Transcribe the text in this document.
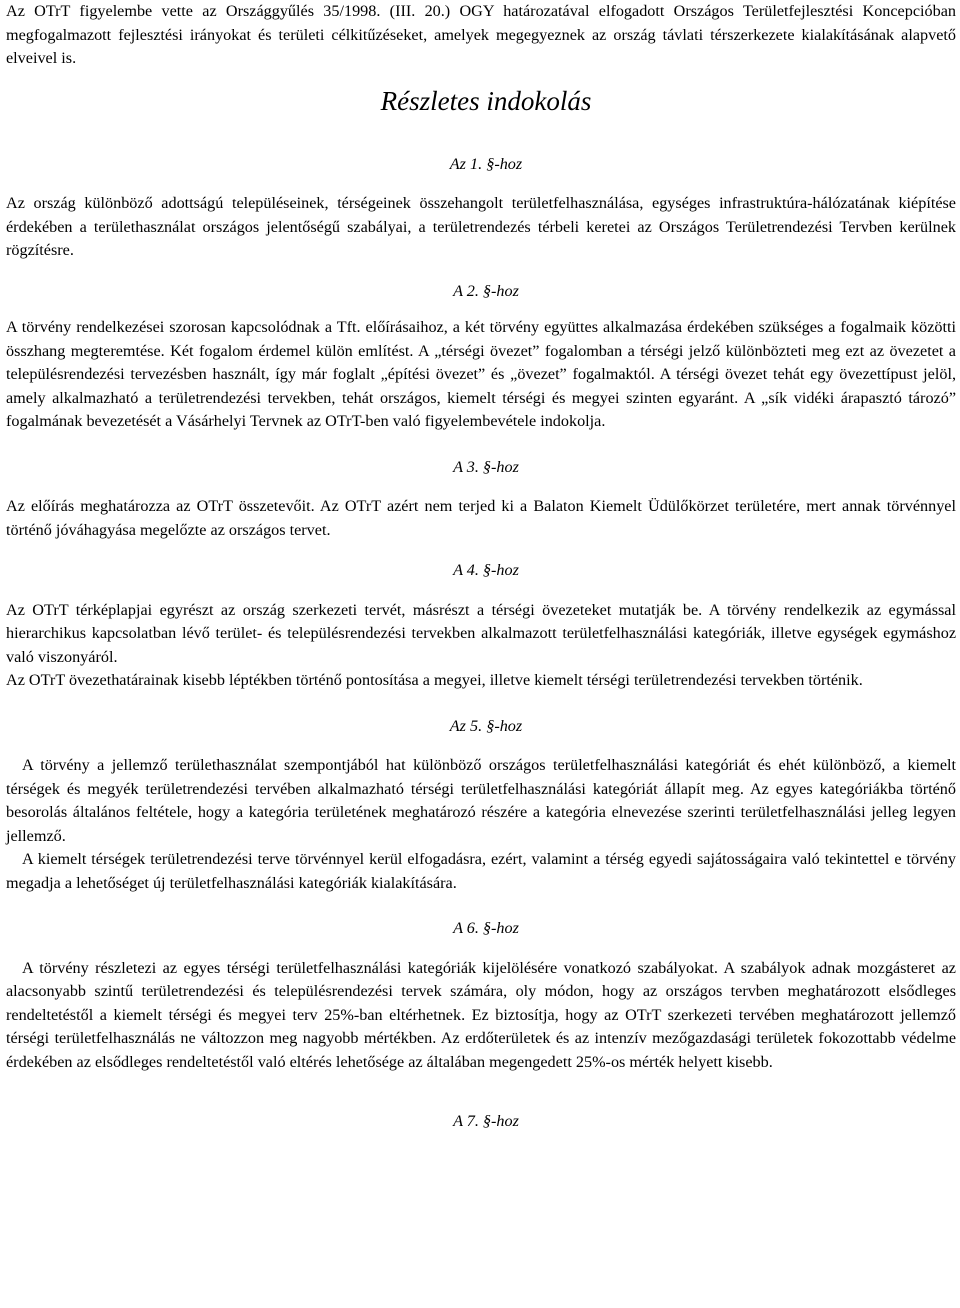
Az OTrT figyelembe vette az Országgyűlés 35/1998. (III. 20.) OGY határozatával elfogadott Országos Területfejlesztési Koncepcióban megfogalmazott fejlesztési irányokat és területi célkitűzéseket, amelyek megegyeznek az ország távlati térszerkezete kialakításának alapvető elveivel is.

Részletes indokolás

Az 1. §-hoz

Az ország különböző adottságú településeinek, térségeinek összehangolt területfelhasználása, egységes infrastruktúra-hálózatának kiépítése érdekében a területhasználat országos jelentőségű szabályai, a területrendezés térbeli keretei az Országos Területrendezési Tervben kerülnek rögzítésre.

A 2. §-hoz

A törvény rendelkezései szorosan kapcsolódnak a Tft. előírásaihoz, a két törvény együttes alkalmazása érdekében szükséges a fogalmaik közötti összhang megteremtése. Két fogalom érdemel külön említést. A „térségi övezet” fogalomban a térségi jelző különbözteti meg ezt az övezetet a településrendezési tervezésben használt, így már foglalt „építési övezet” és „övezet” fogalmaktól. A térségi övezet tehát egy övezettípust jelöl, amely alkalmazható a területrendezési tervekben, tehát országos, kiemelt térségi és megyei szinten egyaránt. A „sík vidéki árapasztó tározó” fogalmának bevezetését a Vásárhelyi Tervnek az OTrT-ben való figyelembevétele indokolja.

A 3. §-hoz

Az előírás meghatározza az OTrT összetevőit. Az OTrT azért nem terjed ki a Balaton Kiemelt Üdülőkörzet területére, mert annak törvénnyel történő jóváhagyása megelőzte az országos tervet.

A 4. §-hoz

Az OTrT térképlapjai egyrészt az ország szerkezeti tervét, másrészt a térségi övezeteket mutatják be. A törvény rendelkezik az egymással hierarchikus kapcsolatban lévő terület- és településrendezési tervekben alkalmazott területfelhasználási kategóriák, illetve egységek egymáshoz való viszonyáról.

Az OTrT övezethatárainak kisebb léptékben történő pontosítása a megyei, illetve kiemelt térségi területrendezési tervekben történik.

Az 5. §-hoz

A törvény a jellemző területhasználat szempontjából hat különböző országos területfelhasználási kategóriát és ehét különböző, a kiemelt térségek és megyék területrendezési tervében alkalmazható térségi területfelhasználási kategóriát állapít meg. Az egyes kategóriákba történő besorolás általános feltétele, hogy a kategória területének meghatározó részére a kategória elnevezése szerinti területfelhasználási jelleg legyen jellemző.

A kiemelt térségek területrendezési terve törvénnyel kerül elfogadásra, ezért, valamint a térség egyedi sajátosságaira való tekintettel e törvény megadja a lehetőséget új területfelhasználási kategóriák kialakítására.

A 6. §-hoz

A törvény részletezi az egyes térségi területfelhasználási kategóriák kijelölésére vonatkozó szabályokat. A szabályok adnak mozgásteret az alacsonyabb szintű területrendezési és településrendezési tervek számára, oly módon, hogy az országos tervben meghatározott elsődleges rendeltetéstől a kiemelt térségi és megyei terv 25%-ban eltérhetnek. Ez biztosítja, hogy az OTrT szerkezeti tervében meghatározott jellemző térségi területfelhasználás ne változzon meg nagyobb mértékben. Az erdőterületek és az intenzív mezőgazdasági területek fokozottabb védelme érdekében az elsődleges rendeltetéstől való eltérés lehetősége az általában megengedett 25%-os mérték helyett kisebb.

A 7. §-hoz
